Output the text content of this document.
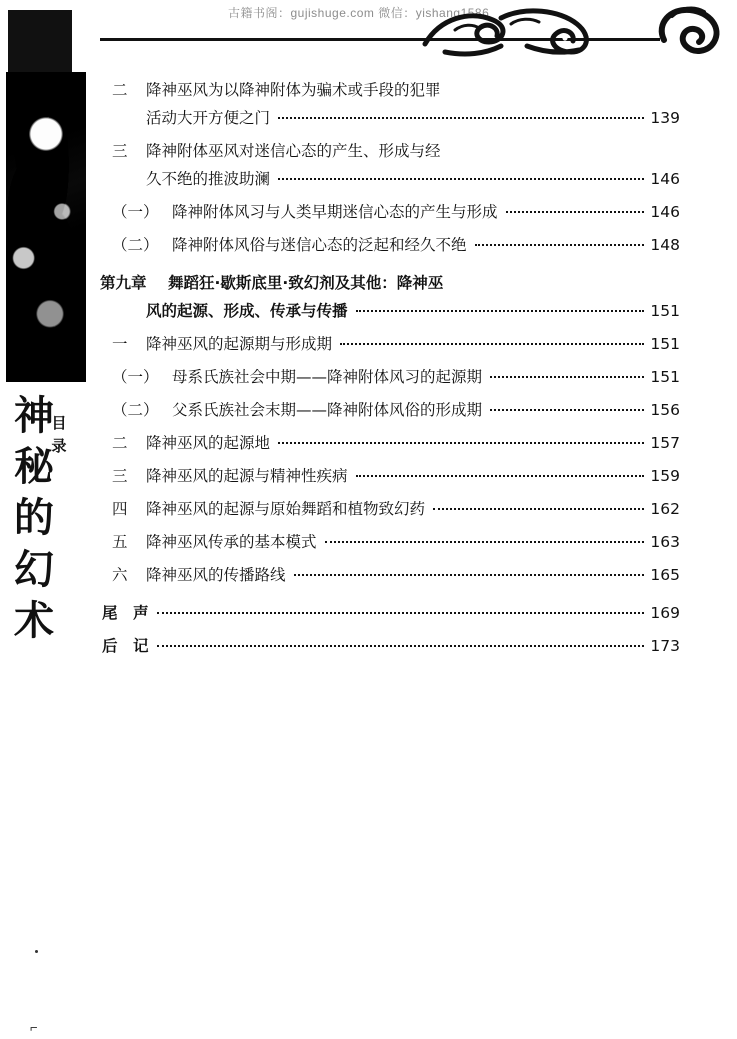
古籍书阁：gujishuge.com 微信：yishang1586
神
秘
的
幻
术
目
录
⌐
二	降神巫风为以降神附体为骗术或手段的犯罪
活动大开方便之门	139
三	降神附体巫风对迷信心态的产生、形成与经
久不绝的推波助澜	146
（一） 降神附体风习与人类早期迷信心态的产生与形成	146
（二） 降神附体风俗与迷信心态的泛起和经久不绝	148
第九章	舞蹈狂·歇斯底里·致幻剂及其他：降神巫
风的起源、形成、传承与传播	151
一	降神巫风的起源期与形成期	151
（一） 母系氏族社会中期——降神附体风习的起源期	151
（二） 父系氏族社会末期——降神附体风俗的形成期	156
二	降神巫风的起源地	157
三	降神巫风的起源与精神性疾病	159
四	降神巫风的起源与原始舞蹈和植物致幻药	162
五	降神巫风传承的基本模式	163
六	降神巫风的传播路线	165
尾　声	169
后　记	173
